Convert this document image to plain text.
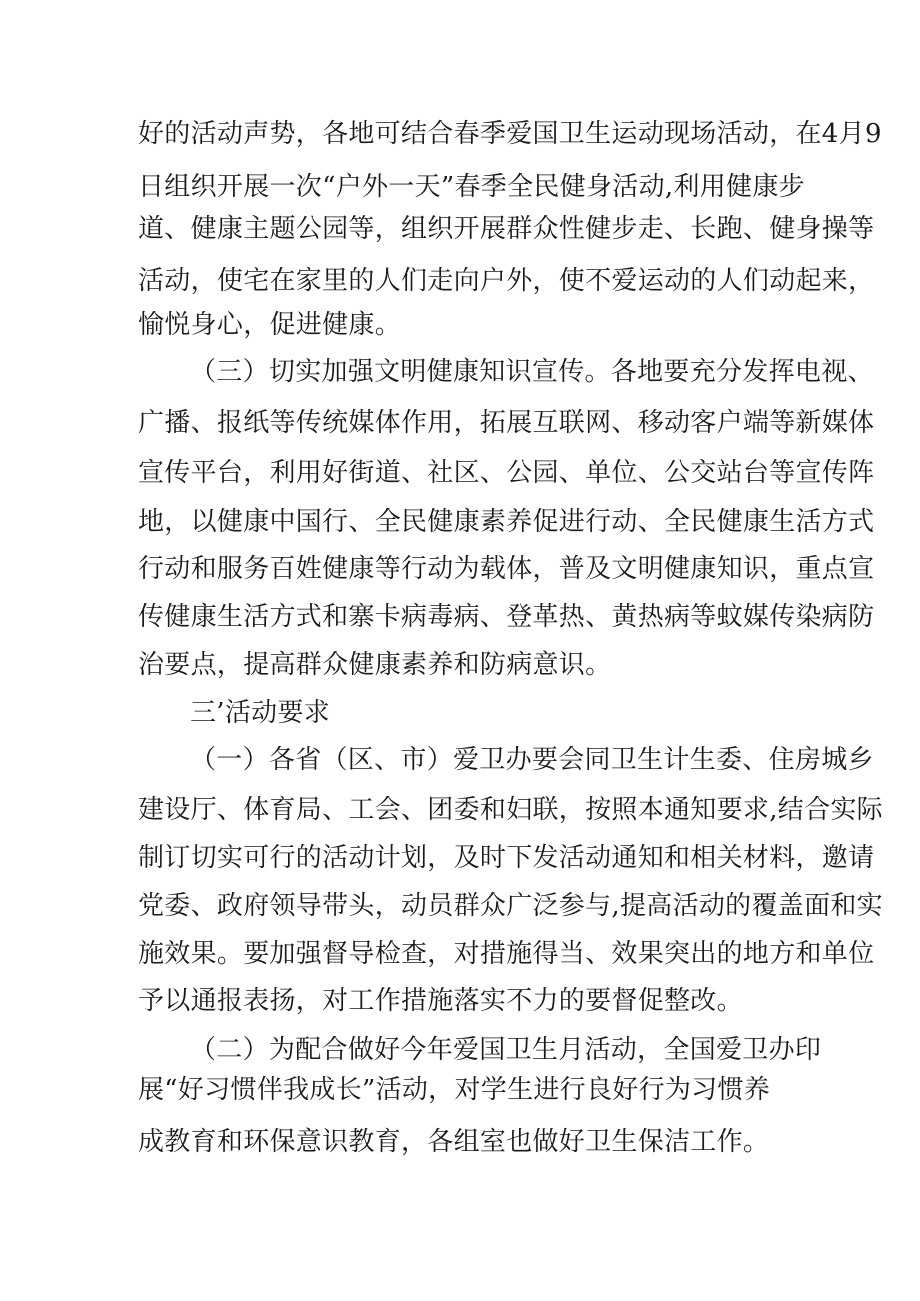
好的活动声势，各地可结合春季爱国卫生运动现场活动，在4月9
日组织开展一次“户外一天”春季全民健身活动,利用健康步
道、健康主题公园等，组织开展群众性健步走、长跑、健身操等
活动，使宅在家里的人们走向户外，使不爱运动的人们动起来，
愉悦身心，促进健康。
（三）切实加强文明健康知识宣传。各地要充分发挥电视、
广播、报纸等传统媒体作用，拓展互联网、移动客户端等新媒体
宣传平台，利用好街道、社区、公园、单位、公交站台等宣传阵
地，以健康中国行、全民健康素养促进行动、全民健康生活方式
行动和服务百姓健康等行动为载体，普及文明健康知识，重点宣
传健康生活方式和寨卡病毒病、登革热、黄热病等蚊媒传染病防
治要点，提高群众健康素养和防病意识。
三’活动要求
（一）各省（区、市）爱卫办要会同卫生计生委、住房城乡
建设厅、体育局、工会、团委和妇联，按照本通知要求,结合实际
制订切实可行的活动计划，及时下发活动通知和相关材料，邀请
党委、政府领导带头，动员群众广泛参与,提高活动的覆盖面和实
施效果。要加强督导检查，对措施得当、效果突出的地方和单位
予以通报表扬，对工作措施落实不力的要督促整改。
（二）为配合做好今年爱国卫生月活动，全国爱卫办印
展“好习惯伴我成长”活动，对学生进行良好行为习惯养
成教育和环保意识教育，各组室也做好卫生保洁工作。
